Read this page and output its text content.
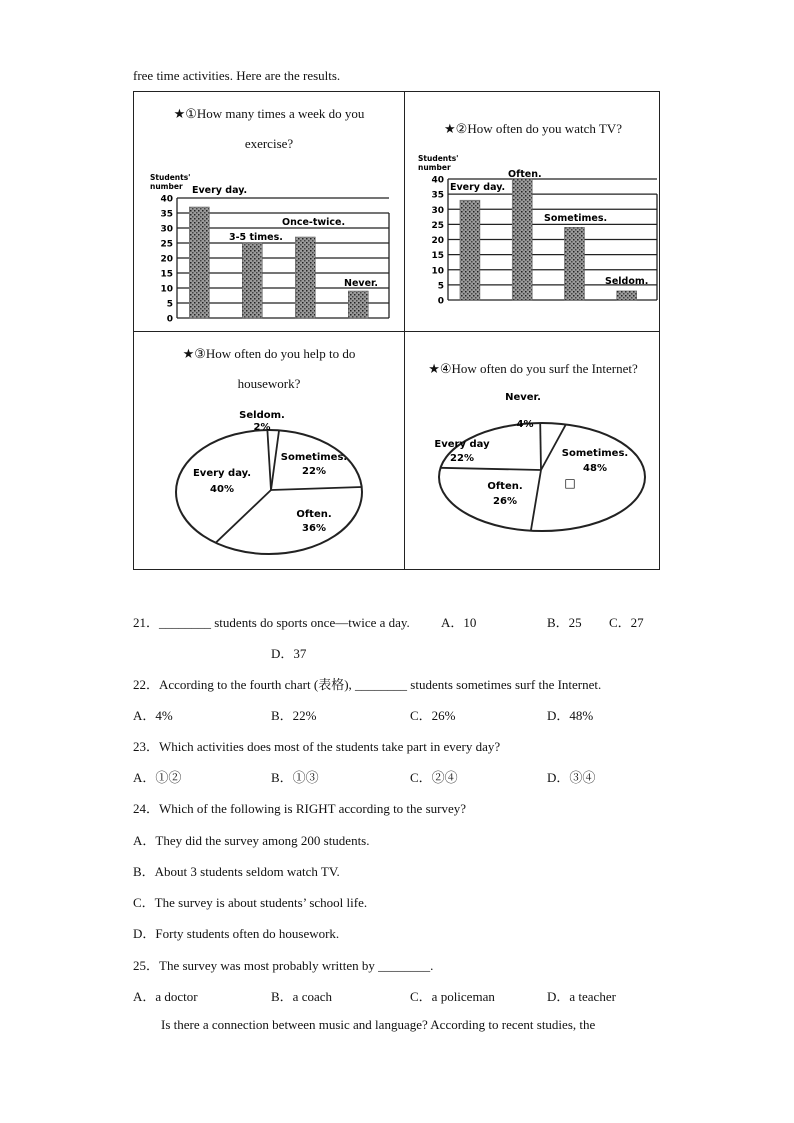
free time activities. Here are the results.
★①How many times a week do you
exercise?
★②How often do you watch TV?
★③How often do you help to do
housework?
★④How often do you surf the Internet?
Students'
number
0
5
10
15
20
25
30
35
40
Every day.
3-5 times.
Once-twice.
Never.
Students'
number
0
5
10
15
20
25
30
35
40
Every day.
Often.
Sometimes.
Seldom.
Seldom.
2%
Sometimes.
22%
Often.
36%
Every day.
40%
Never.
Sometimes.
48%
Often.
26%
Every day
22%
4%
□
21．________ students do sports once—twice a day. A．10	B．25 C．27
D．37
22．According to the fourth chart (表格), ________ students sometimes surf the Internet.
A．4%	B．22%	C．26%	D．48%
23．Which activities does most of the students take part in every day?
A．①②	B．①③	C．②④	D．③④
24．Which of the following is RIGHT according to the survey?
A．They did the survey among 200 students.
B．About 3 students seldom watch TV.
C．The survey is about students’ school life.
D．Forty students often do housework.
25．The survey was most probably written by ________.
A．a doctor	B．a coach	C．a policeman	D．a teacher
Is there a connection between music and language? According to recent studies, the
